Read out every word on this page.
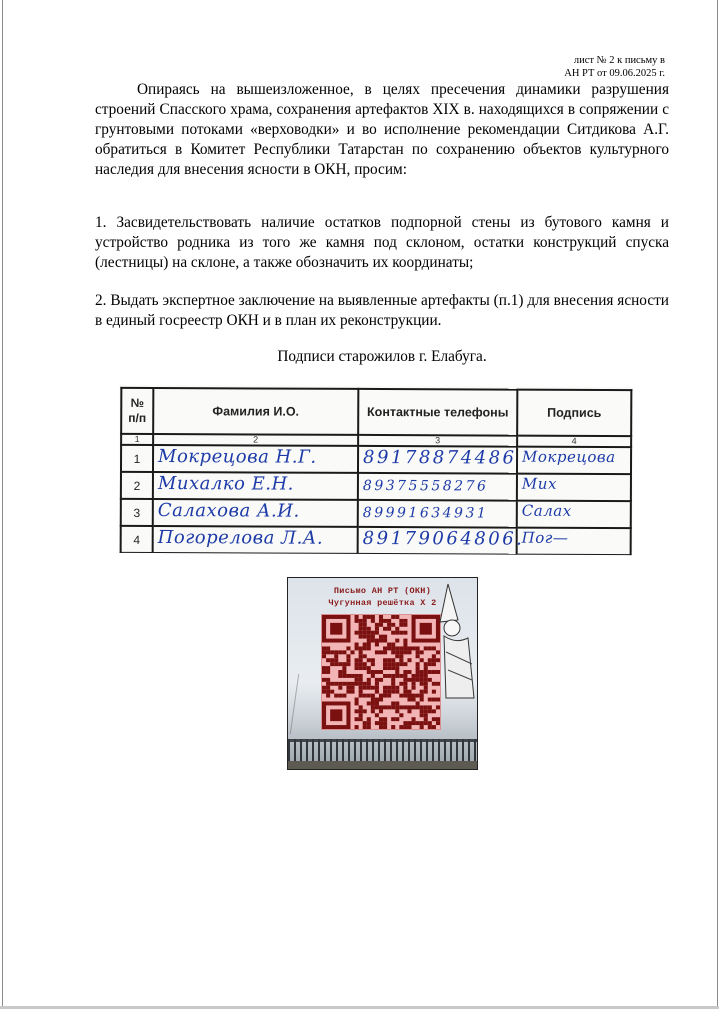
лист № 2 к письму в
АН РТ от 09.06.2025 г.
Опираясь на вышеизложенное, в целях пресечения динамики разрушения строений Спасского храма, сохранения артефактов XIX в. находящихся в сопряжении с грунтовыми потоками «верховодки» и во исполнение рекомендации Ситдикова А.Г. обратиться в Комитет Республики Татарстан по сохранению объектов культурного наследия для внесения ясности в ОКН, просим:
1. Засвидетельствовать наличие остатков подпорной стены из бутового камня и устройство родника из того же камня под склоном, остатки конструкций спуска (лестницы) на склоне, а также обозначить их координаты;
2. Выдать экспертное заключение на выявленные артефакты (п.1) для внесения ясности в единый госреестр ОКН и в план их реконструкции.
Подписи старожилов г. Елабуга.
№
п/п	Фамилия И.О.	Контактные телефоны	Подпись
1	2	3	4
1	Мокрецова Н.Г.	89178874486	Мокрецова

2	Михалко Е.Н.	89375558276	Мих

3	Салахова А.И.	89991634931	Салах

4	Погорелова Л.А.	89179064806.	Пог—
Письмо АН РТ (ОКН)
Чугунная решётка Х 2
